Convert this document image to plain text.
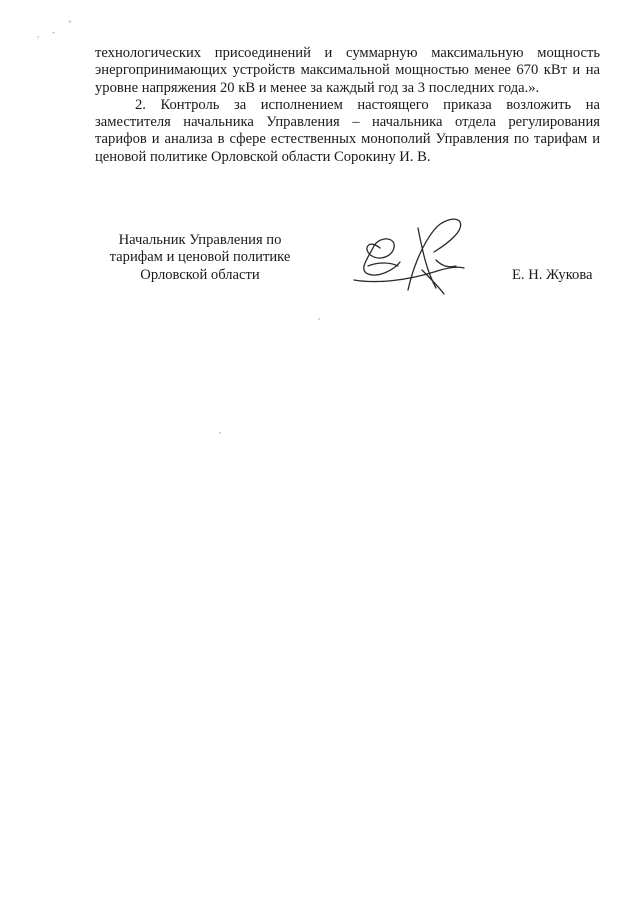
, -
"

технологических присоединений и суммарную максимальную мощность энергопринимающих устройств максимальной мощностью менее 670 кВт и на уровне напряжения 20 кВ и менее за каждый год за 3 последних года.».

2. Контроль за исполнением настоящего приказа возложить на заместителя начальника Управления – начальника отдела регулирования тарифов и анализа в сфере естественных монополий Управления по тарифам и ценовой политике Орловской области Сорокину И. В.

Начальник Управления по
тарифам и ценовой политике
Орловской области	Е. Н. Жукова
